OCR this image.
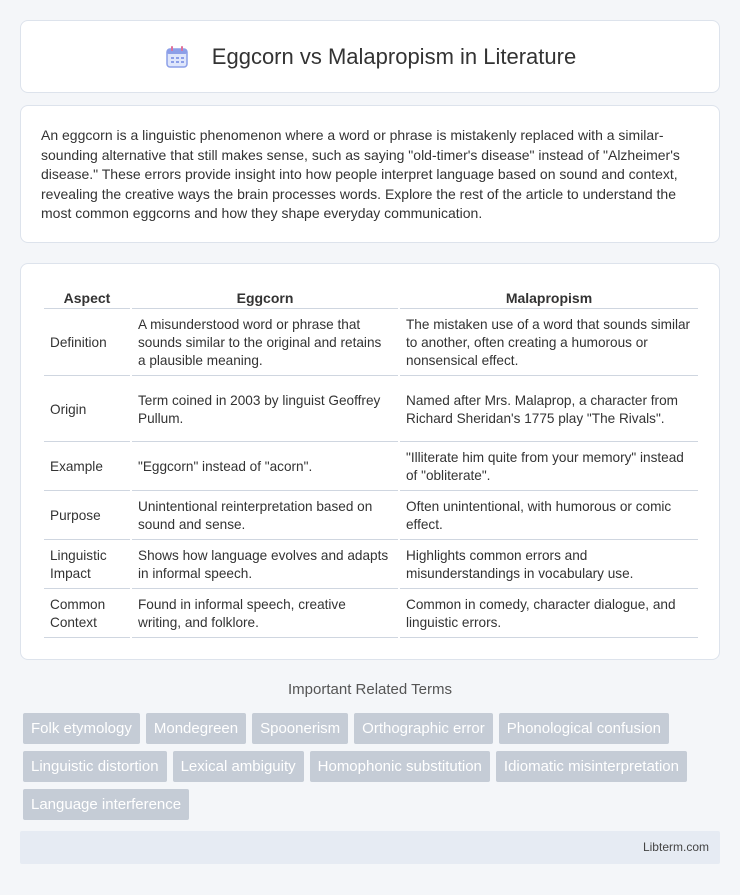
Eggcorn vs Malapropism in Literature

An eggcorn is a linguistic phenomenon where a word or phrase is mistakenly replaced with a similar-sounding alternative that still makes sense, such as saying "old-timer's disease" instead of "Alzheimer's disease." These errors provide insight into how people interpret language based on sound and context, revealing the creative ways the brain processes words. Explore the rest of the article to understand the most common eggcorns and how they shape everyday communication.

Aspect	Eggcorn	Malapropism
Definition	A misunderstood word or phrase that sounds similar to the original and retains a plausible meaning.	The mistaken use of a word that sounds similar to another, often creating a humorous or nonsensical effect.
Origin	Term coined in 2003 by linguist Geoffrey Pullum.	Named after Mrs. Malaprop, a character from Richard Sheridan's 1775 play "The Rivals".
Example	"Eggcorn" instead of "acorn".	"Illiterate him quite from your memory" instead of "obliterate".
Purpose	Unintentional reinterpretation based on sound and sense.	Often unintentional, with humorous or comic effect.
Linguistic Impact	Shows how language evolves and adapts in informal speech.	Highlights common errors and misunderstandings in vocabulary use.
Common Context	Found in informal speech, creative writing, and folklore.	Common in comedy, character dialogue, and linguistic errors.
Important Related Terms
Folk etymology	Mondegreen	Spoonerism	Orthographic error	Phonological confusion
Linguistic distortion	Lexical ambiguity	Homophonic substitution	Idiomatic misinterpretation
Language interference
Libterm.com
